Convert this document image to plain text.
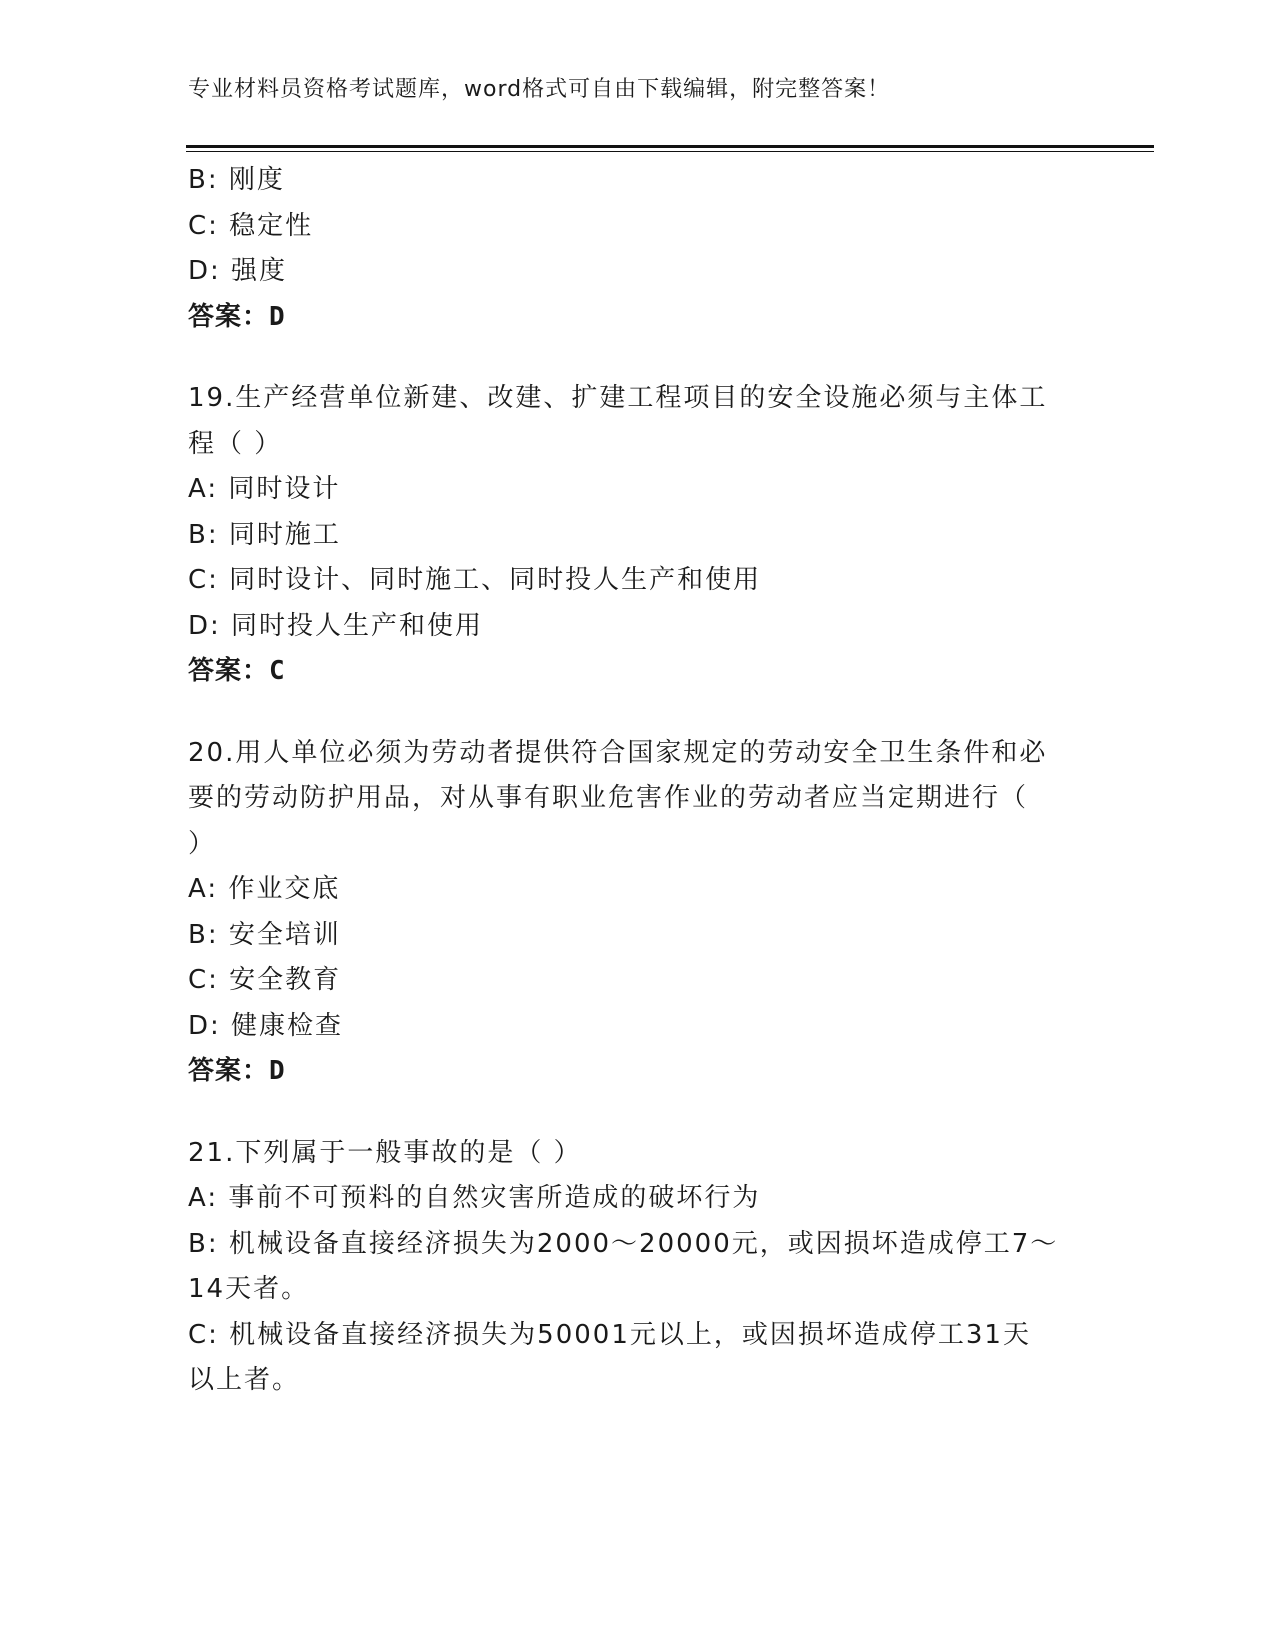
专业材料员资格考试题库，word格式可自由下载编辑，附完整答案！
B: 刚度
C: 稳定性
D: 强度
答案：D
19.生产经营单位新建、改建、扩建工程项目的安全设施必须与主体工
程（ ）
A: 同时设计
B: 同时施工
C: 同时设计、同时施工、同时投人生产和使用
D: 同时投人生产和使用
答案：C
20.用人单位必须为劳动者提供符合国家规定的劳动安全卫生条件和必
要的劳动防护用品，对从事有职业危害作业的劳动者应当定期进行（
）
A: 作业交底
B: 安全培训
C: 安全教育
D: 健康检查
答案：D
21.下列属于一般事故的是（ ）
A: 事前不可预料的自然灾害所造成的破坏行为
B: 机械设备直接经济损失为2000～20000元，或因损坏造成停工7～
14天者。
C: 机械设备直接经济损失为50001元以上，或因损坏造成停工31天
以上者。
